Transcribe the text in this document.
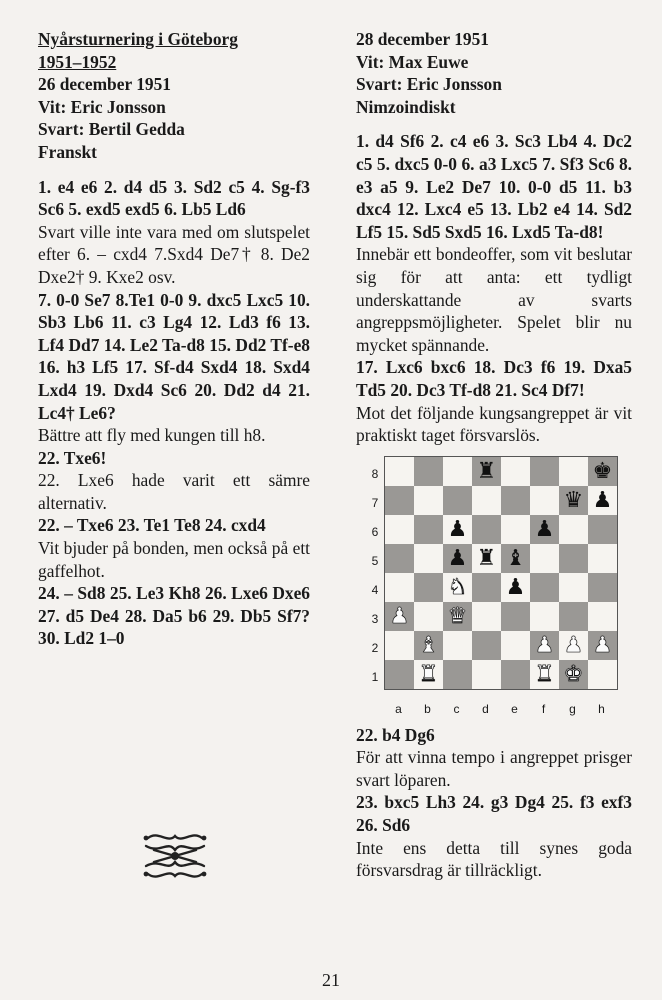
Nyårsturnering i Göteborg

1951–1952

26 december 1951

Vit: Eric Jonsson

Svart: Bertil Gedda

Franskt

1. e4 e6 2. d4 d5 3. Sd2 c5 4. Sg-f3 Sc6 5. exd5 exd5 6. Lb5 Ld6

Svart ville inte vara med om slutspelet efter 6. – cxd4 7.Sxd4 De7† 8. De2 Dxe2† 9. Kxe2 osv.

7. 0-0 Se7 8.Te1 0-0 9. dxc5 Lxc5 10. Sb3 Lb6 11. c3 Lg4 12. Ld3 f6 13. Lf4 Dd7 14. Le2 Ta-d8 15. Dd2 Tf-e8 16. h3 Lf5 17. Sf-d4 Sxd4 18. Sxd4 Lxd4 19. Dxd4 Sc6 20. Dd2 d4 21. Lc4† Le6?

Bättre att fly med kungen till h8.

22. Txe6!

22. Lxe6 hade varit ett sämre alternativ.

22. – Txe6 23. Te1 Te8 24. cxd4

Vit bjuder på bonden, men också på ett gaffelhot.

24. – Sd8 25. Le3 Kh8 26. Lxe6 Dxe6 27. d5 De4 28. Da5 b6 29. Db5 Sf7? 30. Ld2 1–0

28 december 1951

Vit: Max Euwe

Svart: Eric Jonsson

Nimzoindiskt

1. d4 Sf6 2. c4 e6 3. Sc3 Lb4 4. Dc2 c5 5. dxc5 0-0 6. a3 Lxc5 7. Sf3 Sc6 8. e3 a5 9. Le2 De7 10. 0-0 d5 11. b3 dxc4 12. Lxc4 e5 13. Lb2 e4 14. Sd2 Lf5 15. Sd5 Sxd5 16. Lxd5 Ta-d8!

Innebär ett bondeoffer, som vit beslutar sig för att anta: ett tydligt underskattande av svarts angreppsmöjligheter. Spelet blir nu mycket spännande.

17. Lxc6 bxc6 18. Dc3 f6 19. Dxa5 Td5 20. Dc3 Tf-d8 21. Sc4 Df7!

Mot det följande kungsangreppet är vit praktiskt taget försvarslös.

8
7
6
5
4
3
2
1
♜	♚
♛ ♟
♟	♟
♟ ♜ ♝
♞ ♟
♟ ♛
♝	♟ ♟ ♟
♜	♜ ♚
a	b	c	d	e	f	g	h

22. b4 Dg6

För att vinna tempo i angreppet prisger svart löparen.

23. bxc5 Lh3 24. g3 Dg4 25. f3 exf3 26. Sd6

Inte ens detta till synes goda försvarsdrag är tillräckligt.

21
